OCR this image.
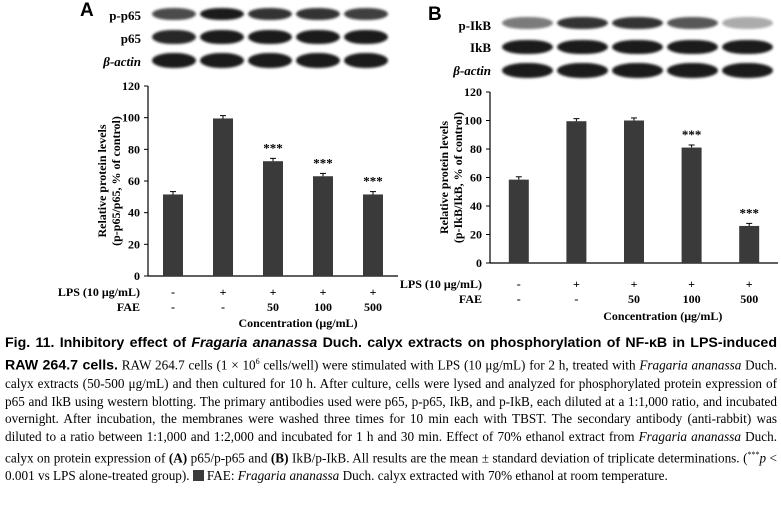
A	p-p65
p65
β-actin
0
20
40
60
80
100
120
Relative protein levels (p-p65/p65, % of control)
-
-
+
-
***
+
50
***
+
100
***
+
500
LPS (10 μg/mL)
FAE
Concentration (μg/mL)
B
p-IkB
IkB
β-actin
0
20
40
60
80
100
120
Relative protein levels (p-IkB/IkB, % of control)
-
-
+
-
+
50
***
+
100
***
+
500
LPS (10 μg/mL)
FAE
Concentration (μg/mL)
Fig. 11. Inhibitory effect of Fragaria ananassa Duch. calyx extracts on phosphorylation of NF-κB in LPS-induced RAW 264.7 cells. RAW 264.7 cells ($1 \times 10^6$ cells/well) were stimulated with LPS (10 μg/mL) for 2 h, treated with Fragaria ananassa Duch. calyx extracts (50-500 μg/mL) and then cultured for 10 h. After culture, cells were lysed and analyzed for phosphorylated protein expression of p65 and IkB using western blotting. The primary antibodies used were p65, p-p65, IkB, and p-IkB, each diluted at a 1:1,000 ratio, and incubated overnight. After incubation, the membranes were washed three times for 10 min each with TBST. The secondary antibody (anti-rabbit) was diluted to a ratio between 1:1,000 and 1:2,000 and incubated for 1 h and 30 min. Effect of 70% ethanol extract from Fragaria ananassa Duch. calyx on protein expression of (A) p65/p-p65 and (B) IkB/p-IkB. All results are the mean ± standard deviation of triplicate determinations. (***p < 0.001 vs LPS alone-treated group). FAE: Fragaria ananassa Duch. calyx extracted with 70% ethanol at room temperature.
